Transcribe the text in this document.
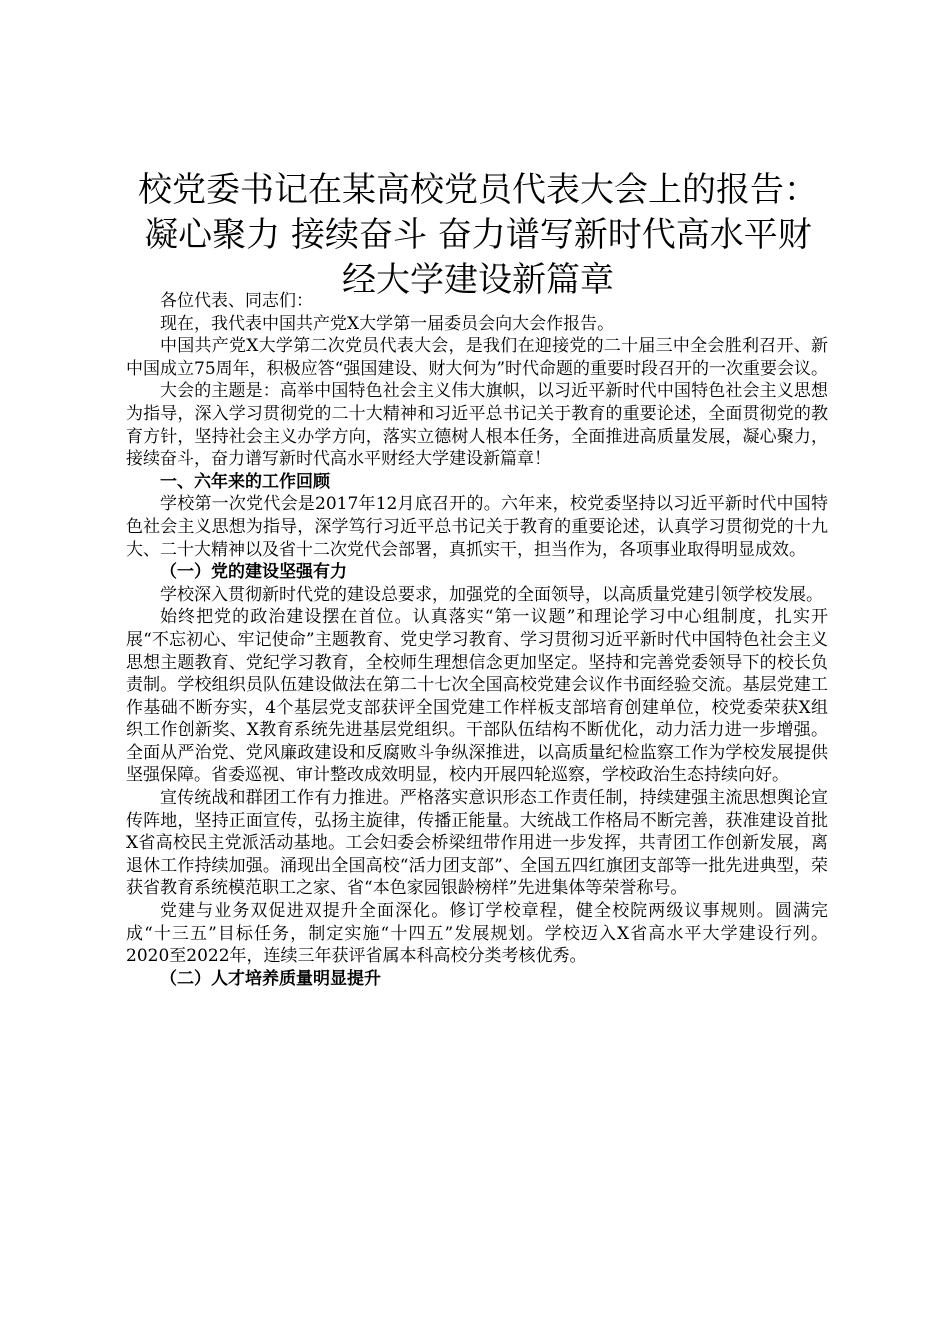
校党委书记在某高校党员代表大会上的报告：
凝心聚力 接续奋斗 奋力谱写新时代高水平财
经大学建设新篇章

各位代表、同志们：

现在，我代表中国共产党X大学第一届委员会向大会作报告。

中国共产党X大学第二次党员代表大会，是我们在迎接党的二十届三中全会胜利召开、新中国成立75周年，积极应答“强国建设、财大何为”时代命题的重要时段召开的一次重要会议。

大会的主题是：高举中国特色社会主义伟大旗帜，以习近平新时代中国特色社会主义思想为指导，深入学习贯彻党的二十大精神和习近平总书记关于教育的重要论述，全面贯彻党的教育方针，坚持社会主义办学方向，落实立德树人根本任务，全面推进高质量发展，凝心聚力，接续奋斗，奋力谱写新时代高水平财经大学建设新篇章！

一、六年来的工作回顾

学校第一次党代会是2017年12月底召开的。六年来，校党委坚持以习近平新时代中国特色社会主义思想为指导，深学笃行习近平总书记关于教育的重要论述，认真学习贯彻党的十九大、二十大精神以及省十二次党代会部署，真抓实干，担当作为，各项事业取得明显成效。

（一）党的建设坚强有力

学校深入贯彻新时代党的建设总要求，加强党的全面领导，以高质量党建引领学校发展。

始终把党的政治建设摆在首位。认真落实“第一议题”和理论学习中心组制度，扎实开展“不忘初心、牢记使命”主题教育、党史学习教育、学习贯彻习近平新时代中国特色社会主义思想主题教育、党纪学习教育，全校师生理想信念更加坚定。坚持和完善党委领导下的校长负责制。学校组织员队伍建设做法在第二十七次全国高校党建会议作书面经验交流。基层党建工作基础不断夯实，4个基层党支部获评全国党建工作样板支部培育创建单位，校党委荣获X组织工作创新奖、X教育系统先进基层党组织。干部队伍结构不断优化，动力活力进一步增强。全面从严治党、党风廉政建设和反腐败斗争纵深推进，以高质量纪检监察工作为学校发展提供坚强保障。省委巡视、审计整改成效明显，校内开展四轮巡察，学校政治生态持续向好。

宣传统战和群团工作有力推进。严格落实意识形态工作责任制，持续建强主流思想舆论宣传阵地，坚持正面宣传，弘扬主旋律，传播正能量。大统战工作格局不断完善，获准建设首批X省高校民主党派活动基地。工会妇委会桥梁纽带作用进一步发挥，共青团工作创新发展，离退休工作持续加强。涌现出全国高校“活力团支部”、全国五四红旗团支部等一批先进典型，荣获省教育系统模范职工之家、省“本色家园银龄榜样”先进集体等荣誉称号。

党建与业务双促进双提升全面深化。修订学校章程，健全校院两级议事规则。圆满完成“十三五”目标任务，制定实施“十四五”发展规划。学校迈入X省高水平大学建设行列。2020至2022年，连续三年获评省属本科高校分类考核优秀。

（二）人才培养质量明显提升
